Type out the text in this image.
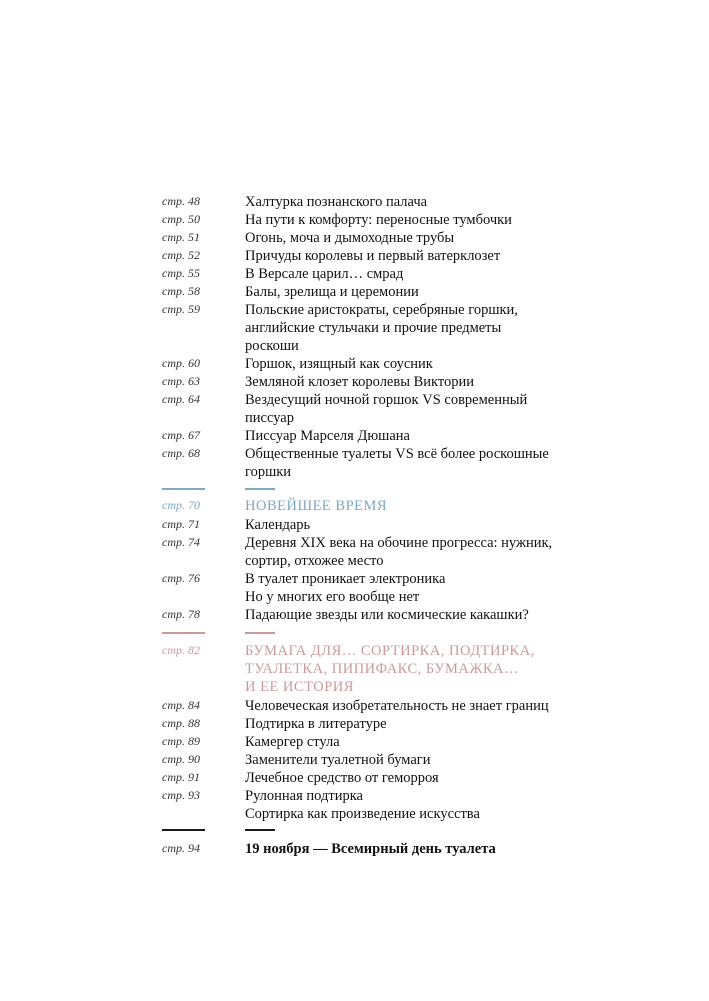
стр. 48	Халтурка познанского палача
стр. 50	На пути к комфорту: переносные тумбочки
стр. 51	Огонь, моча и дымоходные трубы
стр. 52	Причуды королевы и первый ватерклозет
стр. 55	В Версале царил… смрад
стр. 58	Балы, зрелища и церемонии
стр. 59	Польские аристократы, серебряные горшки,
английские стульчаки и прочие предметы
роскоши
стр. 60	Горшок, изящный как соусник
стр. 63	Земляной клозет королевы Виктории
стр. 64	Вездесущий ночной горшок VS современный
писсуар
стр. 67	Писсуар Марселя Дюшана
стр. 68	Общественные туалеты VS всё более роскошные
горшки
стр. 70	НОВЕЙШЕЕ ВРЕМЯ
стр. 71	Календарь
стр. 74	Деревня XIX века на обочине прогресса: нужник,
сортир, отхожее место
стр. 76	В туалет проникает электроника
Но у многих его вообще нет
стр. 78	Падающие звезды или космические какашки?
стр. 82	БУМАГА ДЛЯ… СОРТИРКА, ПОДТИРКА,
ТУАЛЕТКА, ПИПИФАКС, БУМАЖКА…
И ЕЕ ИСТОРИЯ
стр. 84	Человеческая изобретательность не знает границ
стр. 88	Подтирка в литературе
стр. 89	Камергер стула
стр. 90	Заменители туалетной бумаги
стр. 91	Лечебное средство от геморроя
стр. 93	Рулонная подтирка
Сортирка как произведение искусства
стр. 94	19 ноября — Всемирный день туалета
